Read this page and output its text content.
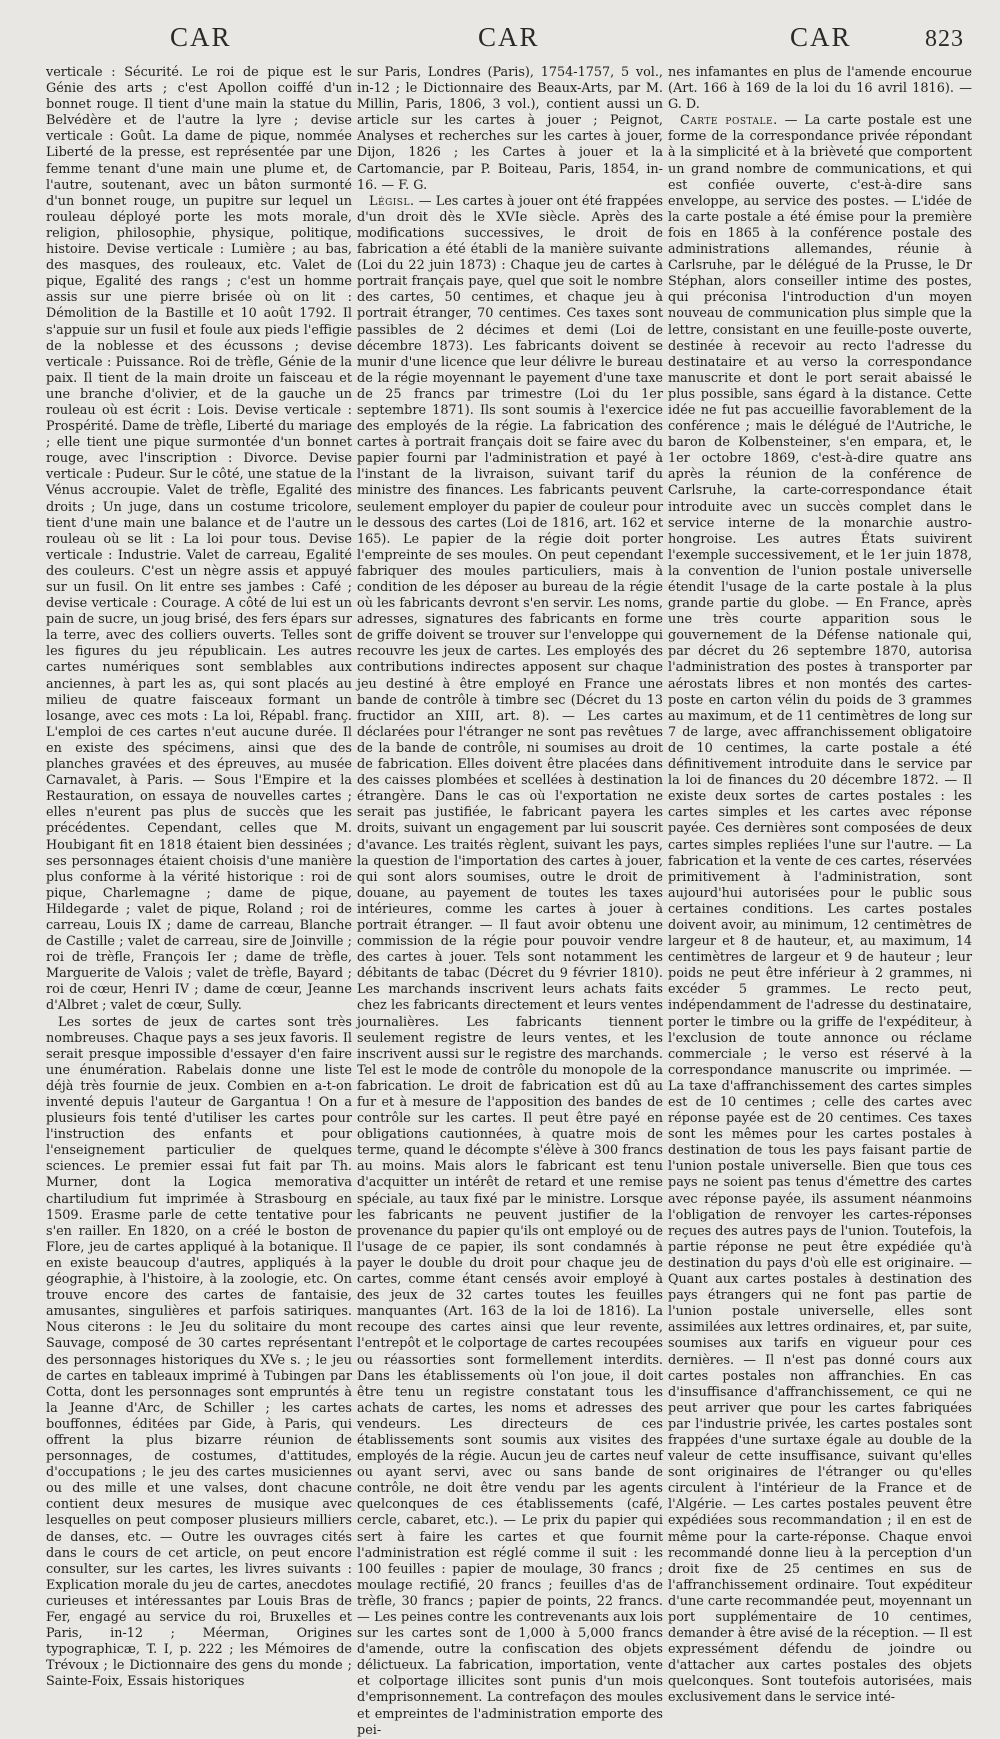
CAR	CAR	CAR	823

verticale : Sécurité. Le roi de pique est le Génie des arts ; c'est Apollon coiffé d'un bonnet rouge. Il tient d'une main la statue du Belvédère et de l'autre la lyre ; devise verticale : Goût. La dame de pique, nommée Liberté de la presse, est représentée par une femme tenant d'une main une plume et, de l'autre, soutenant, avec un bâton surmonté d'un bonnet rouge, un pupitre sur lequel un rouleau déployé porte les mots morale, religion, philosophie, physique, politique, histoire. Devise verticale : Lumière ; au bas, des masques, des rouleaux, etc. Valet de pique, Egalité des rangs ; c'est un homme assis sur une pierre brisée où on lit : Démolition de la Bastille et 10 août 1792. Il s'appuie sur un fusil et foule aux pieds l'effigie de la noblesse et des écussons ; devise verticale : Puissance. Roi de trèfle, Génie de la paix. Il tient de la main droite un faisceau et une branche d'olivier, et de la gauche un rouleau où est écrit : Lois. Devise verticale : Prospérité. Dame de trèfle, Liberté du mariage ; elle tient une pique surmontée d'un bonnet rouge, avec l'inscription : Divorce. Devise verticale : Pudeur. Sur le côté, une statue de la Vénus accroupie. Valet de trèfle, Egalité des droits ; Un juge, dans un costume tricolore, tient d'une main une balance et de l'autre un rouleau où se lit : La loi pour tous. Devise verticale : Industrie. Valet de carreau, Egalité des couleurs. C'est un nègre assis et appuyé sur un fusil. On lit entre ses jambes : Café ; devise verticale : Courage. A côté de lui est un pain de sucre, un joug brisé, des fers épars sur la terre, avec des colliers ouverts. Telles sont les figures du jeu républicain. Les autres cartes numériques sont semblables aux anciennes, à part les as, qui sont placés au milieu de quatre faisceaux formant un losange, avec ces mots : La loi, Répabl. franç. L'emploi de ces cartes n'eut aucune durée. Il en existe des spécimens, ainsi que des planches gravées et des épreuves, au musée Carnavalet, à Paris. — Sous l'Empire et la Restauration, on essaya de nouvelles cartes ; elles n'eurent pas plus de succès que les précédentes. Cependant, celles que M. Houbigant fit en 1818 étaient bien dessinées ; ses personnages étaient choisis d'une manière plus conforme à la vérité historique : roi de pique, Charlemagne ; dame de pique, Hildegarde ; valet de pique, Roland ; roi de carreau, Louis IX ; dame de carreau, Blanche de Castille ; valet de carreau, sire de Joinville ; roi de trèfle, François Ier ; dame de trèfle, Marguerite de Valois ; valet de trèfle, Bayard ; roi de cœur, Henri IV ; dame de cœur, Jeanne d'Albret ; valet de cœur, Sully.

Les sortes de jeux de cartes sont très nombreuses. Chaque pays a ses jeux favoris. Il serait presque impossible d'essayer d'en faire une énumération. Rabelais donne une liste déjà très fournie de jeux. Combien en a-t-on inventé depuis l'auteur de Gargantua ! On a plusieurs fois tenté d'utiliser les cartes pour l'instruction des enfants et pour l'enseignement particulier de quelques sciences. Le premier essai fut fait par Th. Murner, dont la Logica memorativa chartiludium fut imprimée à Strasbourg en 1509. Erasme parle de cette tentative pour s'en railler. En 1820, on a créé le boston de Flore, jeu de cartes appliqué à la botanique. Il en existe beaucoup d'autres, appliqués à la géographie, à l'histoire, à la zoologie, etc. On trouve encore des cartes de fantaisie, amusantes, singulières et parfois satiriques. Nous citerons : le Jeu du solitaire du mont Sauvage, composé de 30 cartes représentant des personnages historiques du XVe s. ; le jeu de cartes en tableaux imprimé à Tubingen par Cotta, dont les personnages sont empruntés à la Jeanne d'Arc, de Schiller ; les cartes bouffonnes, éditées par Gide, à Paris, qui offrent la plus bizarre réunion de personnages, de costumes, d'attitudes, d'occupations ; le jeu des cartes musiciennes ou des mille et une valses, dont chacune contient deux mesures de musique avec lesquelles on peut composer plusieurs milliers de danses, etc. — Outre les ouvrages cités dans le cours de cet article, on peut encore consulter, sur les cartes, les livres suivants : Explication morale du jeu de cartes, anecdotes curieuses et intéressantes par Louis Bras de Fer, engagé au service du roi, Bruxelles et Paris, in-12 ; Méerman, Origines typographicæ, T. I, p. 222 ; les Mémoires de Trévoux ; le Dictionnaire des gens du monde ; Sainte-Foix, Essais historiques

sur Paris, Londres (Paris), 1754-1757, 5 vol., in-12 ; le Dictionnaire des Beaux-Arts, par M. Millin, Paris, 1806, 3 vol.), contient aussi un article sur les cartes à jouer ; Peignot, Analyses et recherches sur les cartes à jouer, Dijon, 1826 ; les Cartes à jouer et la Cartomancie, par P. Boiteau, Paris, 1854, in-16. — F. G.

Législ. — Les cartes à jouer ont été frappées d'un droit dès le XVIe siècle. Après des modifications successives, le droit de fabrication a été établi de la manière suivante (Loi du 22 juin 1873) : Chaque jeu de cartes à portrait français paye, quel que soit le nombre des cartes, 50 centimes, et chaque jeu à portrait étranger, 70 centimes. Ces taxes sont passibles de 2 décimes et demi (Loi de décembre 1873). Les fabricants doivent se munir d'une licence que leur délivre le bureau de la régie moyennant le payement d'une taxe de 25 francs par trimestre (Loi du 1er septembre 1871). Ils sont soumis à l'exercice des employés de la régie. La fabrication des cartes à portrait français doit se faire avec du papier fourni par l'administration et payé à l'instant de la livraison, suivant tarif du ministre des finances. Les fabricants peuvent seulement employer du papier de couleur pour le dessous des cartes (Loi de 1816, art. 162 et 165). Le papier de la régie doit porter l'empreinte de ses moules. On peut cependant fabriquer des moules particuliers, mais à condition de les déposer au bureau de la régie où les fabricants devront s'en servir. Les noms, adresses, signatures des fabricants en forme de griffe doivent se trouver sur l'enveloppe qui recouvre les jeux de cartes. Les employés des contributions indirectes apposent sur chaque jeu destiné à être employé en France une bande de contrôle à timbre sec (Décret du 13 fructidor an XIII, art. 8). — Les cartes déclarées pour l'étranger ne sont pas revêtues de la bande de contrôle, ni soumises au droit de fabrication. Elles doivent être placées dans des caisses plombées et scellées à destination étrangère. Dans le cas où l'exportation ne serait pas justifiée, le fabricant payera les droits, suivant un engagement par lui souscrit d'avance. Les traités règlent, suivant les pays, la question de l'importation des cartes à jouer, qui sont alors soumises, outre le droit de douane, au payement de toutes les taxes intérieures, comme les cartes à jouer à portrait étranger. — Il faut avoir obtenu une commission de la régie pour pouvoir vendre des cartes à jouer. Tels sont notamment les débitants de tabac (Décret du 9 février 1810). Les marchands inscrivent leurs achats faits chez les fabricants directement et leurs ventes journalières. Les fabricants tiennent seulement registre de leurs ventes, et les inscrivent aussi sur le registre des marchands. Tel est le mode de contrôle du monopole de la fabrication. Le droit de fabrication est dû au fur et à mesure de l'apposition des bandes de contrôle sur les cartes. Il peut être payé en obligations cautionnées, à quatre mois de terme, quand le décompte s'élève à 300 francs au moins. Mais alors le fabricant est tenu d'acquitter un intérêt de retard et une remise spéciale, au taux fixé par le ministre. Lorsque les fabricants ne peuvent justifier de la provenance du papier qu'ils ont employé ou de l'usage de ce papier, ils sont condamnés à payer le double du droit pour chaque jeu de cartes, comme étant censés avoir employé à des jeux de 32 cartes toutes les feuilles manquantes (Art. 163 de la loi de 1816). La recoupe des cartes ainsi que leur revente, l'entrepôt et le colportage de cartes recoupées ou réassorties sont formellement interdits. Dans les établissements où l'on joue, il doit être tenu un registre constatant tous les achats de cartes, les noms et adresses des vendeurs. Les directeurs de ces établissements sont soumis aux visites des employés de la régie. Aucun jeu de cartes neuf ou ayant servi, avec ou sans bande de contrôle, ne doit être vendu par les agents quelconques de ces établissements (café, cercle, cabaret, etc.). — Le prix du papier qui sert à faire les cartes et que fournit l'administration est réglé comme il suit : les 100 feuilles : papier de moulage, 30 francs ; moulage rectifié, 20 francs ; feuilles d'as de trèfle, 30 francs ; papier de points, 22 francs. — Les peines contre les contrevenants aux lois sur les cartes sont de 1,000 à 5,000 francs d'amende, outre la confiscation des objets délictueux. La fabrication, importation, vente et colportage illicites sont punis d'un mois d'emprisonnement. La contrefaçon des moules et empreintes de l'administration emporte des pei-

nes infamantes en plus de l'amende encourue (Art. 166 à 169 de la loi du 16 avril 1816). — G. D.

Carte postale. — La carte postale est une forme de la correspondance privée répondant à la simplicité et à la brièveté que comportent un grand nombre de communications, et qui est confiée ouverte, c'est-à-dire sans enveloppe, au service des postes. — L'idée de la carte postale a été émise pour la première fois en 1865 à la conférence postale des administrations allemandes, réunie à Carlsruhe, par le délégué de la Prusse, le Dr Stéphan, alors conseiller intime des postes, qui préconisa l'introduction d'un moyen nouveau de communication plus simple que la lettre, consistant en une feuille-poste ouverte, destinée à recevoir au recto l'adresse du destinataire et au verso la correspondance manuscrite et dont le port serait abaissé le plus possible, sans égard à la distance. Cette idée ne fut pas accueillie favorablement de la conférence ; mais le délégué de l'Autriche, le baron de Kolbensteiner, s'en empara, et, le 1er octobre 1869, c'est-à-dire quatre ans après la réunion de la conférence de Carlsruhe, la carte-correspondance était introduite avec un succès complet dans le service interne de la monarchie austro-hongroise. Les autres États suivirent l'exemple successivement, et le 1er juin 1878, la convention de l'union postale universelle étendit l'usage de la carte postale à la plus grande partie du globe. — En France, après une très courte apparition sous le gouvernement de la Défense nationale qui, par décret du 26 septembre 1870, autorisa l'administration des postes à transporter par aérostats libres et non montés des cartes-poste en carton vélin du poids de 3 grammes au maximum, et de 11 centimètres de long sur 7 de large, avec affranchissement obligatoire de 10 centimes, la carte postale a été définitivement introduite dans le service par la loi de finances du 20 décembre 1872. — Il existe deux sortes de cartes postales : les cartes simples et les cartes avec réponse payée. Ces dernières sont composées de deux cartes simples repliées l'une sur l'autre. — La fabrication et la vente de ces cartes, réservées primitivement à l'administration, sont aujourd'hui autorisées pour le public sous certaines conditions. Les cartes postales doivent avoir, au minimum, 12 centimètres de largeur et 8 de hauteur, et, au maximum, 14 centimètres de largeur et 9 de hauteur ; leur poids ne peut être inférieur à 2 grammes, ni excéder 5 grammes. Le recto peut, indépendamment de l'adresse du destinataire, porter le timbre ou la griffe de l'expéditeur, à l'exclusion de toute annonce ou réclame commerciale ; le verso est réservé à la correspondance manuscrite ou imprimée. — La taxe d'affranchissement des cartes simples est de 10 centimes ; celle des cartes avec réponse payée est de 20 centimes. Ces taxes sont les mêmes pour les cartes postales à destination de tous les pays faisant partie de l'union postale universelle. Bien que tous ces pays ne soient pas tenus d'émettre des cartes avec réponse payée, ils assument néanmoins l'obligation de renvoyer les cartes-réponses reçues des autres pays de l'union. Toutefois, la partie réponse ne peut être expédiée qu'à destination du pays d'où elle est originaire. — Quant aux cartes postales à destination des pays étrangers qui ne font pas partie de l'union postale universelle, elles sont assimilées aux lettres ordinaires, et, par suite, soumises aux tarifs en vigueur pour ces dernières. — Il n'est pas donné cours aux cartes postales non affranchies. En cas d'insuffisance d'affranchissement, ce qui ne peut arriver que pour les cartes fabriquées par l'industrie privée, les cartes postales sont frappées d'une surtaxe égale au double de la valeur de cette insuffisance, suivant qu'elles sont originaires de l'étranger ou qu'elles circulent à l'intérieur de la France et de l'Algérie. — Les cartes postales peuvent être expédiées sous recommandation ; il en est de même pour la carte-réponse. Chaque envoi recommandé donne lieu à la perception d'un droit fixe de 25 centimes en sus de l'affranchissement ordinaire. Tout expéditeur d'une carte recommandée peut, moyennant un port supplémentaire de 10 centimes, demander à être avisé de la réception. — Il est expressément défendu de joindre ou d'attacher aux cartes postales des objets quelconques. Sont toutefois autorisées, mais exclusivement dans le service inté-
